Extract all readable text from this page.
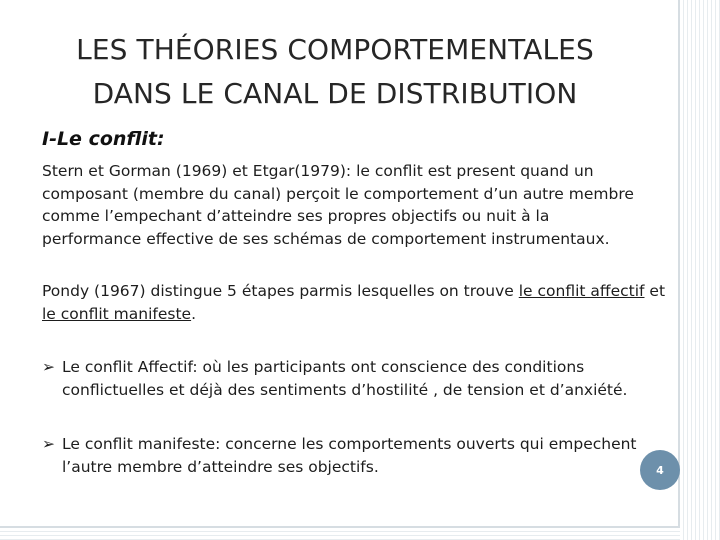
LES THÉORIES COMPORTEMENTALES
DANS LE CANAL DE DISTRIBUTION
I-Le conflit:
Stern et Gorman (1969) et Etgar(1979): le conflit est present quand un composant (membre du canal) perçoit le comportement d’un autre membre comme l’empechant d’atteindre ses propres objectifs ou nuit à la performance effective de ses schémas de comportement instrumentaux.
Pondy (1967) distingue 5 étapes parmis lesquelles on trouve le conflit affectif et le conflit manifeste.
➢ Le conflit Affectif: où les participants ont conscience des conditions conflictuelles et déjà des sentiments d’hostilité , de tension et d’anxiété.
➢ Le conflit manifeste: concerne les comportements ouverts qui empechent l’autre membre d’atteindre ses objectifs.	4
